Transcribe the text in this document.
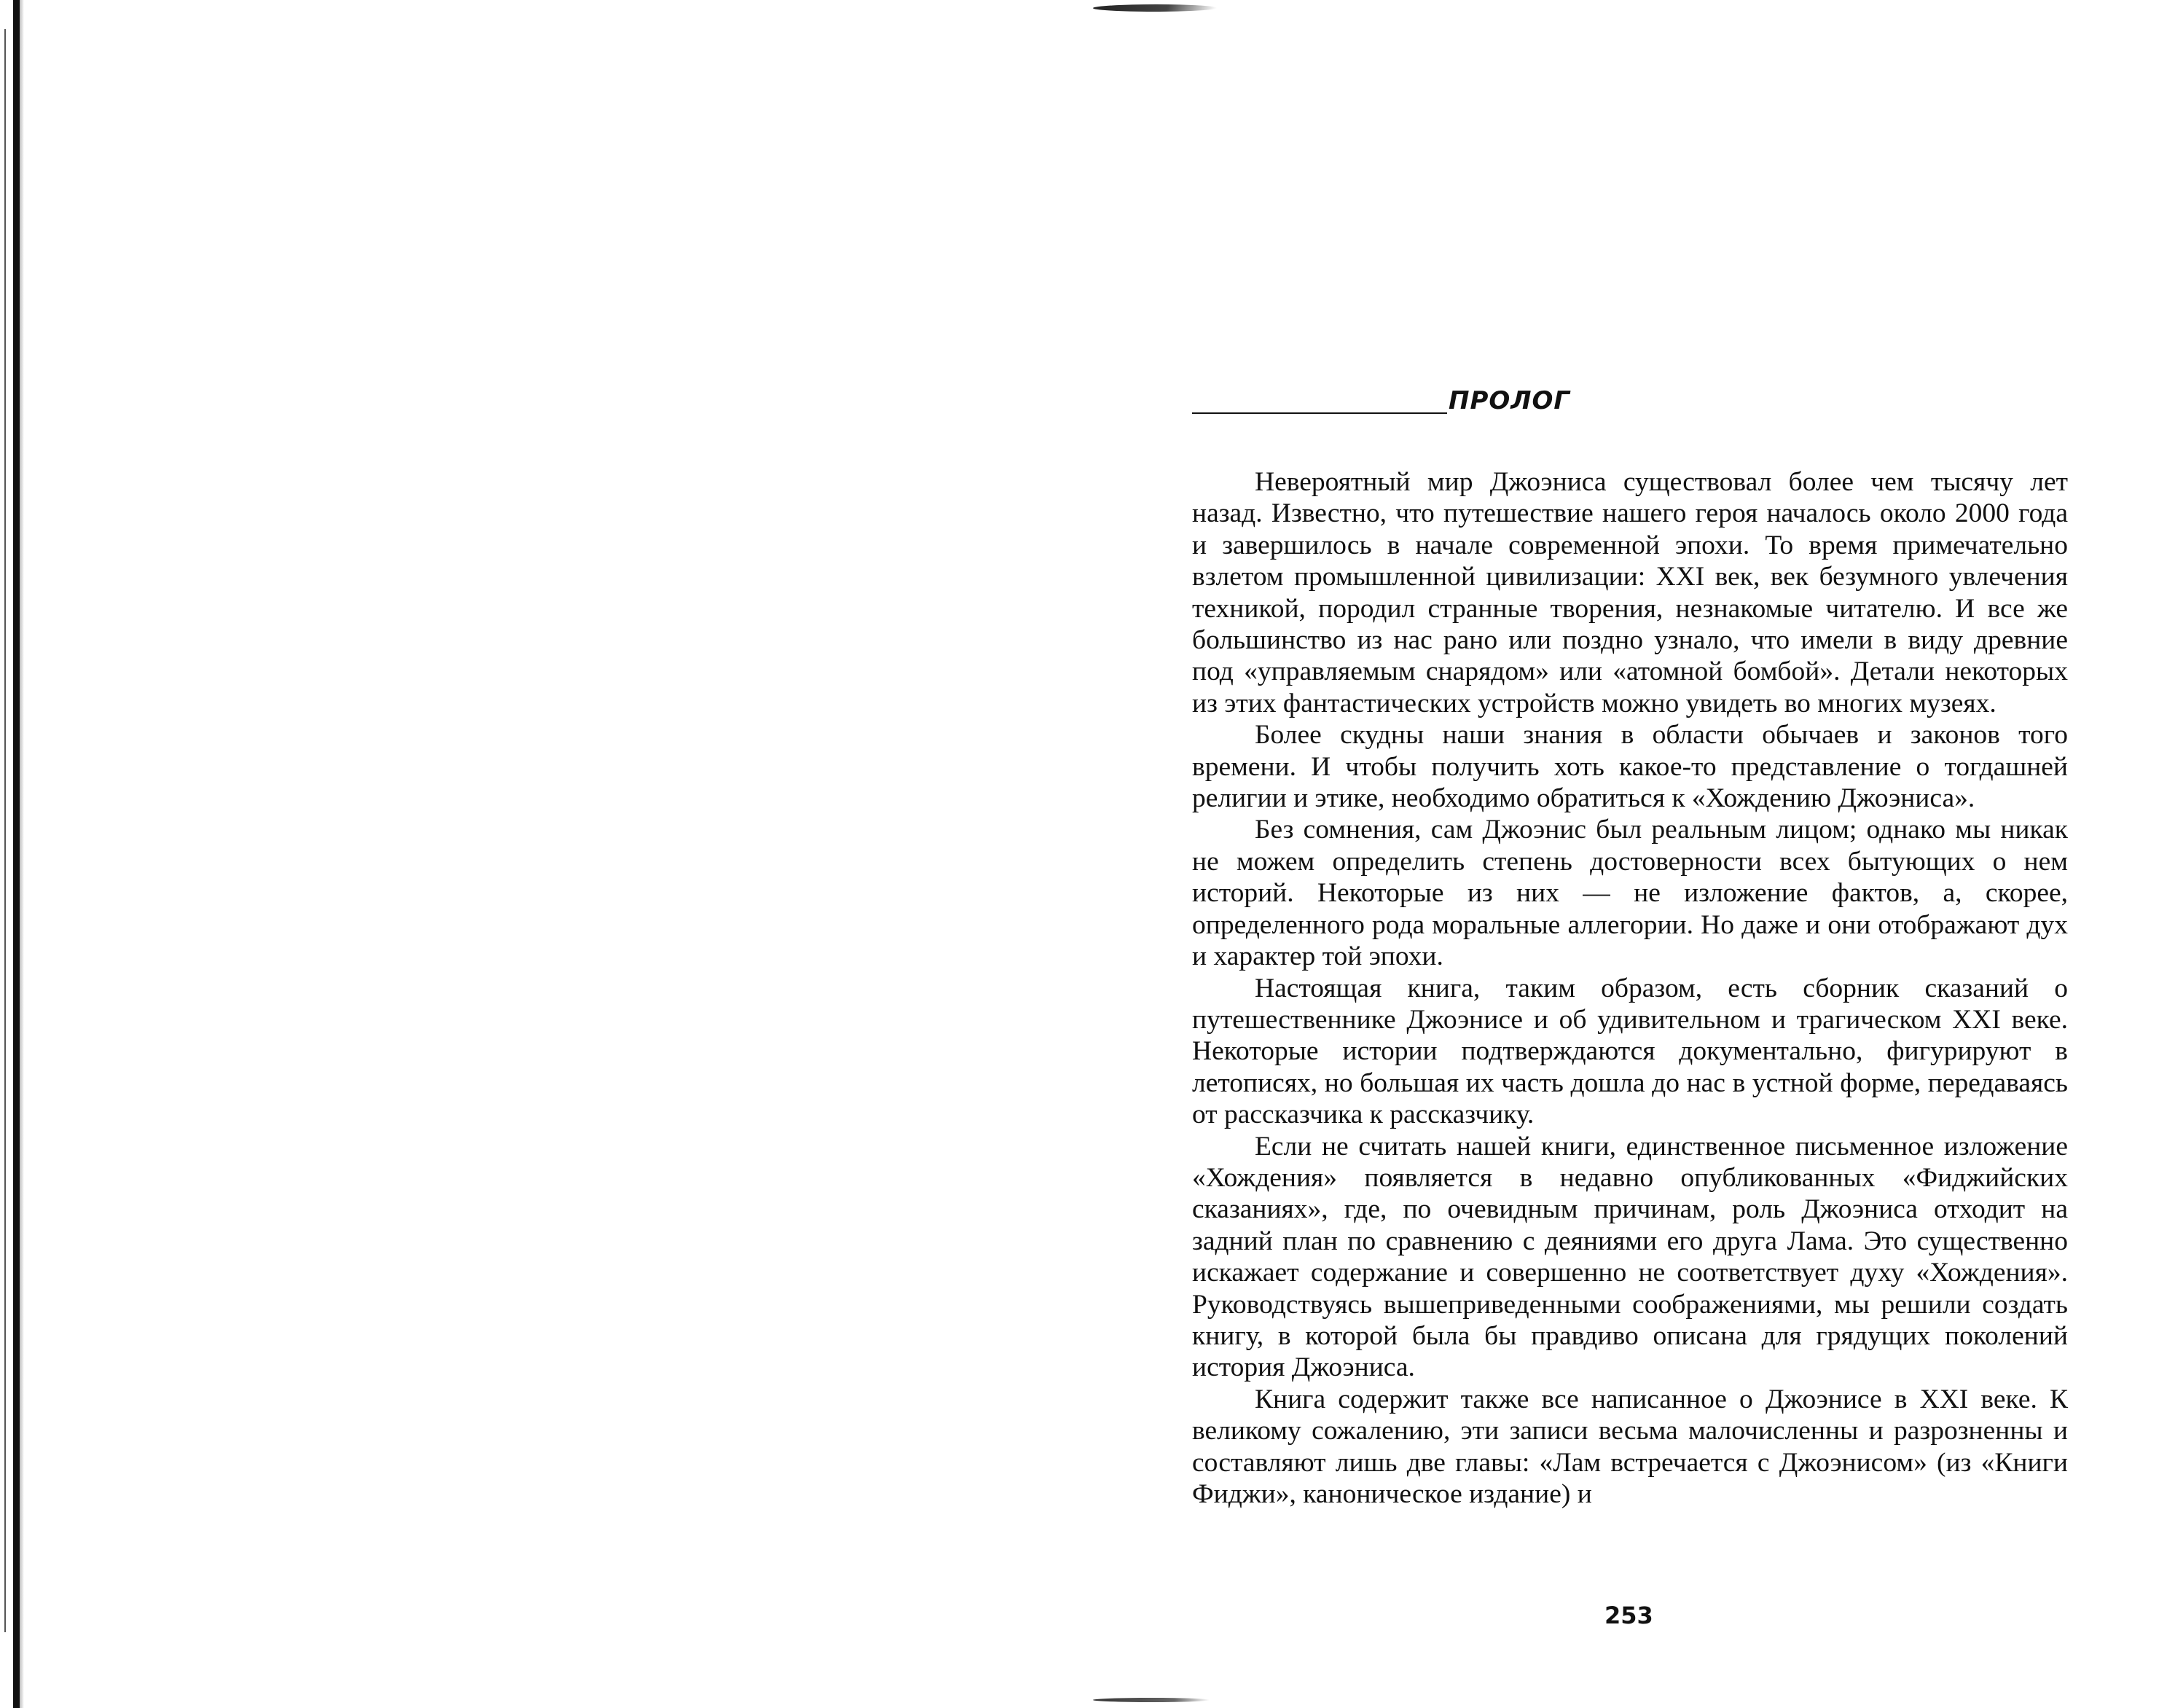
ПРОЛОГ

Невероятный мир Джоэниса существовал более чем тысячу лет назад. Известно, что путешествие нашего героя началось около 2000 года и завершилось в начале современной эпохи. То время примечательно взлетом промышленной цивилизации: XXI век, век безумного увлечения техникой, породил странные творения, незнакомые читателю. И все же большинство из нас рано или поздно узнало, что имели в виду древние под «управляемым снарядом» или «атомной бомбой». Детали некоторых из этих фантастических устройств можно увидеть во многих музеях.

Более скудны наши знания в области обычаев и законов того времени. И чтобы получить хоть какое-то представление о тогдашней религии и этике, необходимо обратиться к «Хождению Джоэниса».

Без сомнения, сам Джоэнис был реальным лицом; однако мы никак не можем определить степень достоверности всех бытующих о нем историй. Некоторые из них — не изложение фактов, а, скорее, определенного рода моральные аллегории. Но даже и они отображают дух и характер той эпохи.

Настоящая книга, таким образом, есть сборник сказаний о путешественнике Джоэнисе и об удивительном и трагическом XXI веке. Некоторые истории подтверждаются документально, фигурируют в летописях, но большая их часть дошла до нас в устной форме, передаваясь от рассказчика к рассказчику.

Если не считать нашей книги, единственное письменное изложение «Хождения» появляется в недавно опубликованных «Фиджийских сказаниях», где, по очевидным причинам, роль Джоэниса отходит на задний план по сравнению с деяниями его друга Лама. Это существенно искажает содержание и совершенно не соответствует духу «Хождения». Руководствуясь вышеприведенными соображениями, мы решили создать книгу, в которой была бы правдиво описана для грядущих поколений история Джоэниса.

Книга содержит также все написанное о Джоэнисе в XXI веке. К великому сожалению, эти записи весьма малочисленны и разрозненны и составляют лишь две главы: «Лам встречается с Джоэнисом» (из «Книги Фиджи», каноническое издание) и

253
